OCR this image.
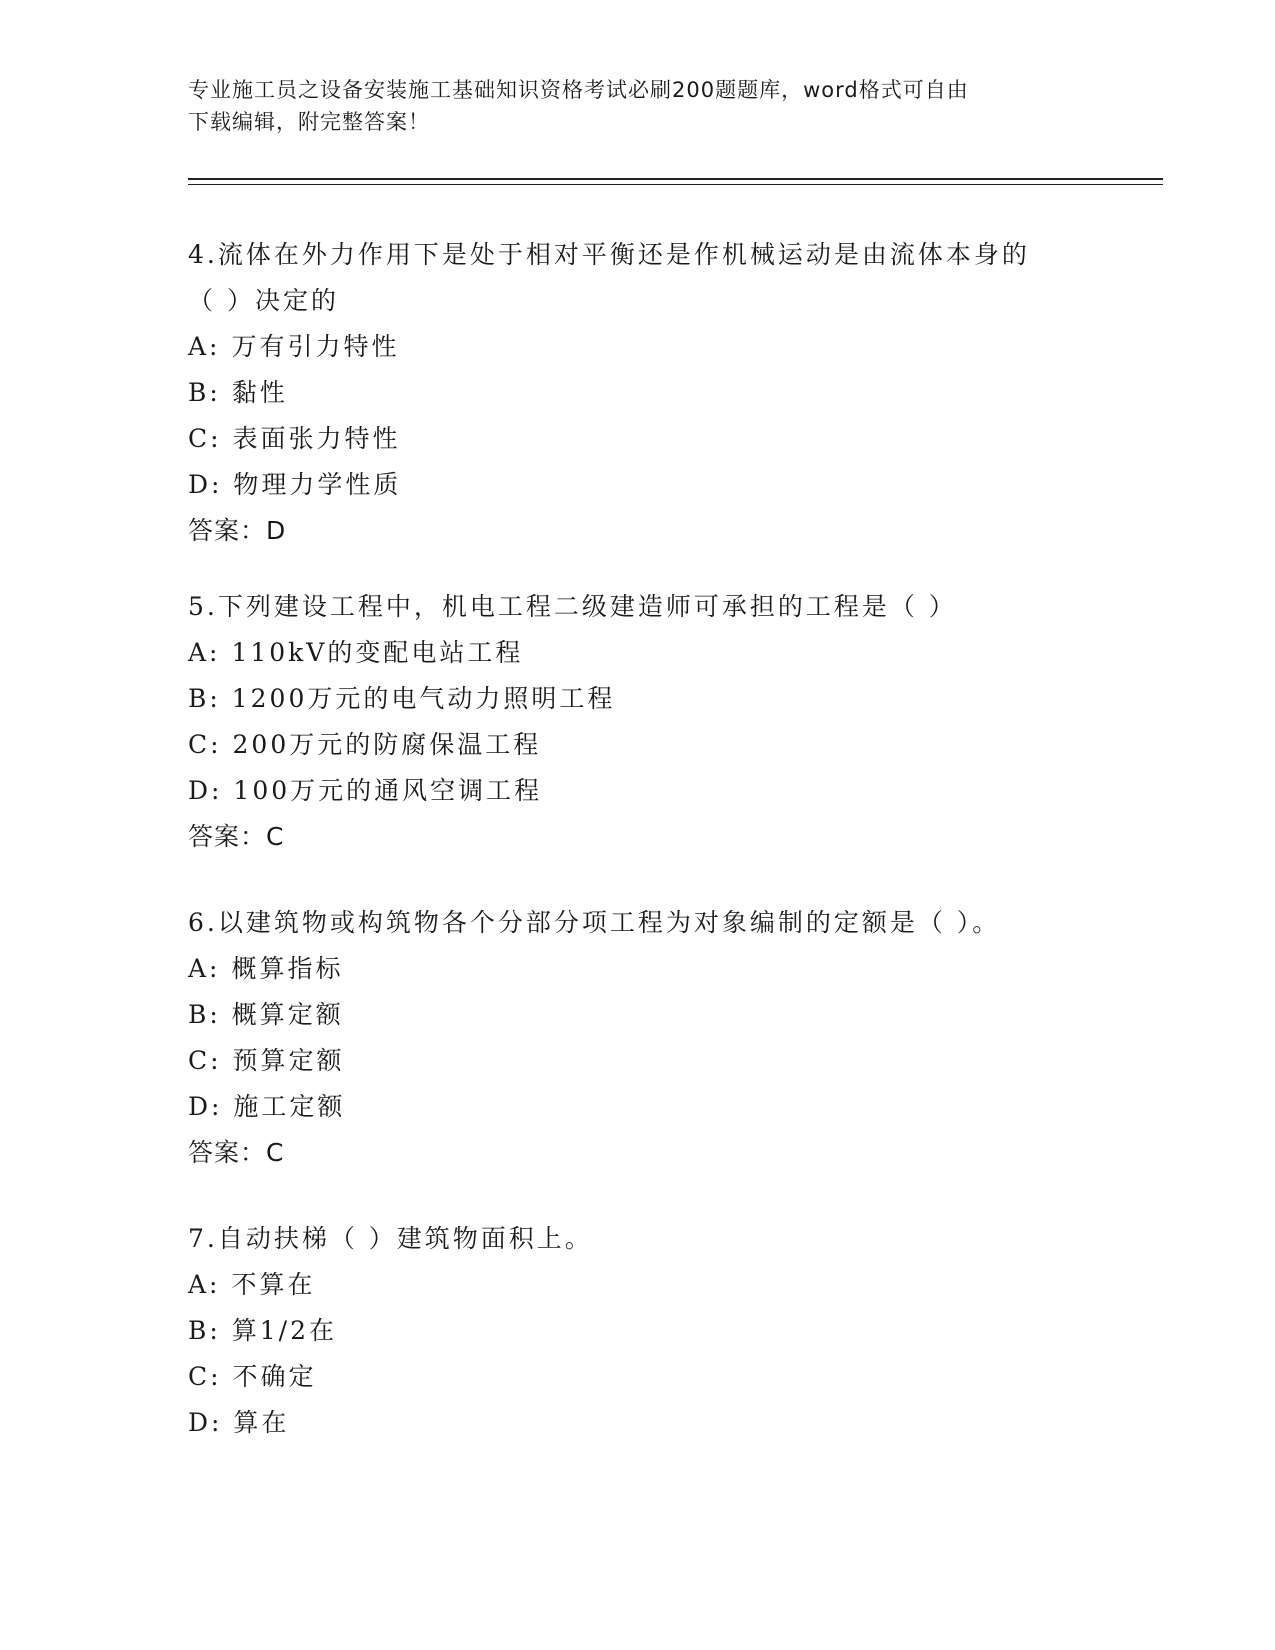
专业施工员之设备安装施工基础知识资格考试必刷200题题库，word格式可自由
下载编辑，附完整答案！
4.流体在外力作用下是处于相对平衡还是作机械运动是由流体本身的
（ ）决定的
A: 万有引力特性
B: 黏性
C: 表面张力特性
D: 物理力学性质
答案：D
5.下列建设工程中，机电工程二级建造师可承担的工程是（ ）
A: 110kV的变配电站工程
B: 1200万元的电气动力照明工程
C: 200万元的防腐保温工程
D: 100万元的通风空调工程
答案：C
6.以建筑物或构筑物各个分部分项工程为对象编制的定额是（ ）。
A: 概算指标
B: 概算定额
C: 预算定额
D: 施工定额
答案：C
7.自动扶梯（ ）建筑物面积上。
A: 不算在
B: 算1/2在
C: 不确定
D: 算在
